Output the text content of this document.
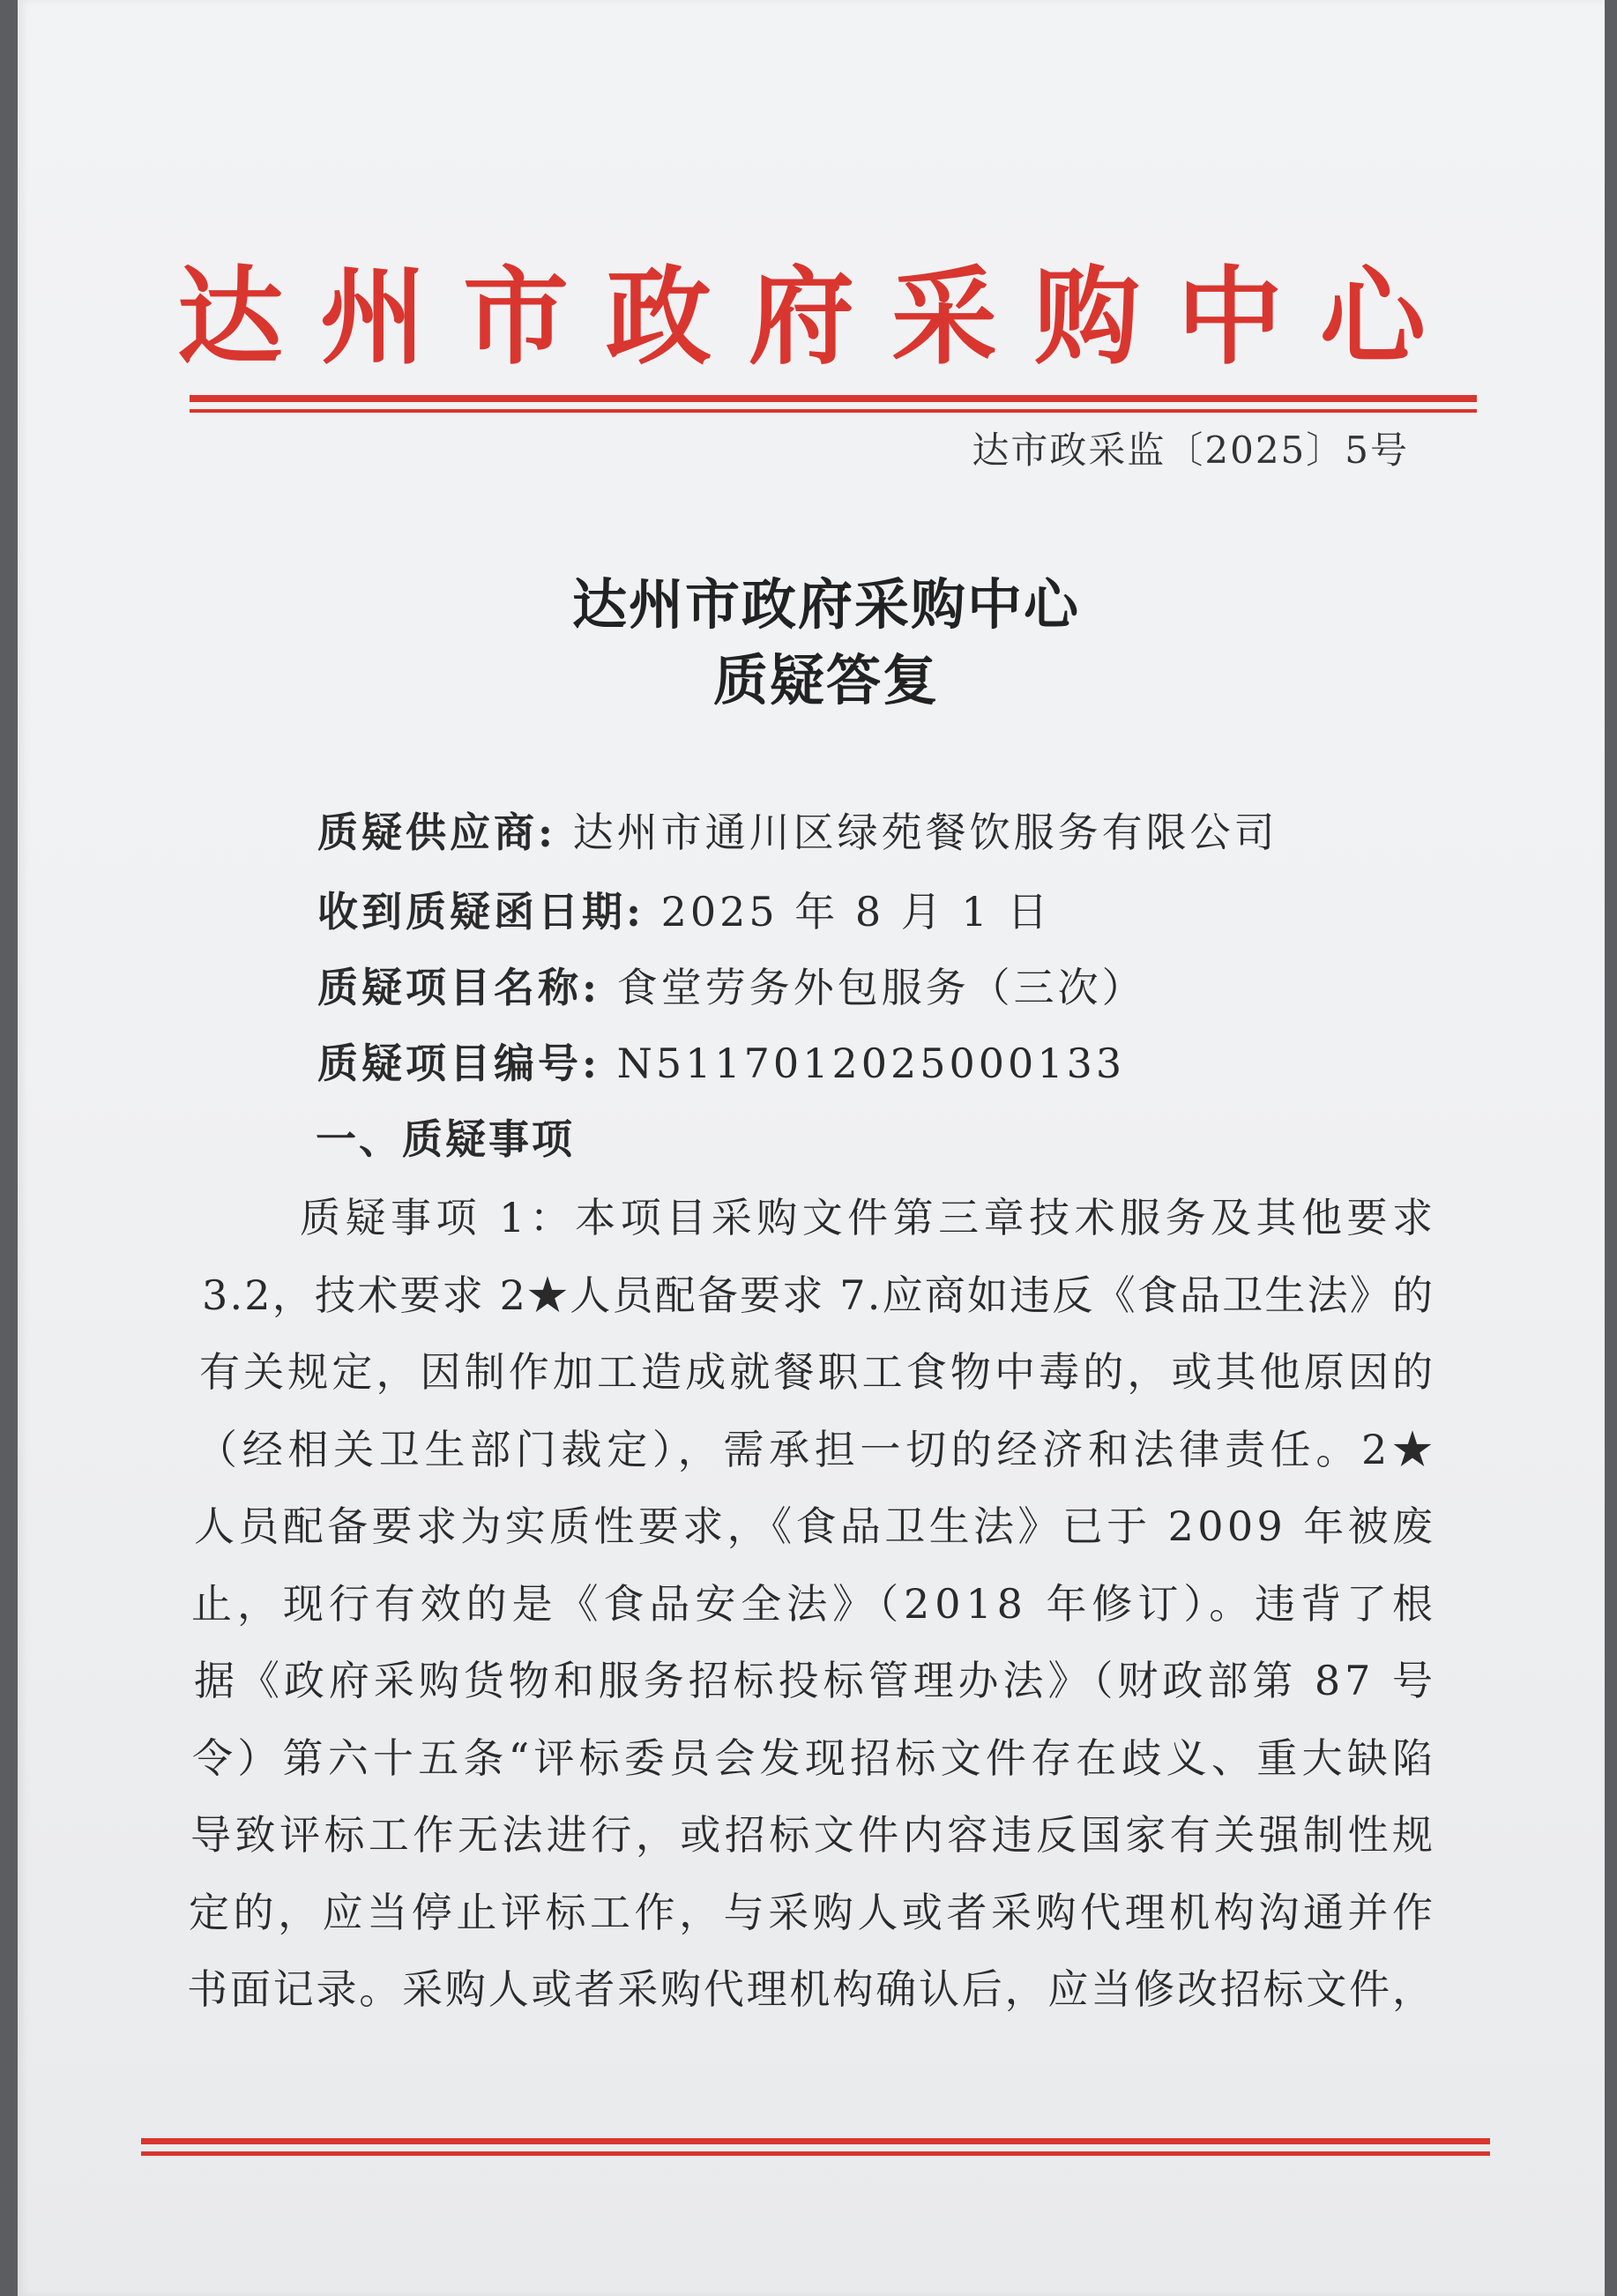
达州市政府采购中心
达市政采监〔2025〕5号
达州市政府采购中心
质疑答复
质疑供应商: 达州市通川区绿苑餐饮服务有限公司
收到质疑函日期: 2025 年 8 月 1 日
质疑项目名称: 食堂劳务外包服务（三次）
质疑项目编号: N5117012025000133
一、质疑事项
质疑事项 1：本项目采购文件第三章技术服务及其他要求
3.2，技术要求 2★人员配备要求 7.应商如违反《食品卫生法》的
有关规定，因制作加工造成就餐职工食物中毒的，或其他原因的
（经相关卫生部门裁定），需承担一切的经济和法律责任。2★
人员配备要求为实质性要求，《食品卫生法》已于 2009 年被废
止，现行有效的是《食品安全法》（2018 年修订）。违背了根
据《政府采购货物和服务招标投标管理办法》（财政部第 87 号
令）第六十五条“评标委员会发现招标文件存在歧义、重大缺陷
导致评标工作无法进行，或招标文件内容违反国家有关强制性规
定的，应当停止评标工作，与采购人或者采购代理机构沟通并作
书面记录。采购人或者采购代理机构确认后，应当修改招标文件，
